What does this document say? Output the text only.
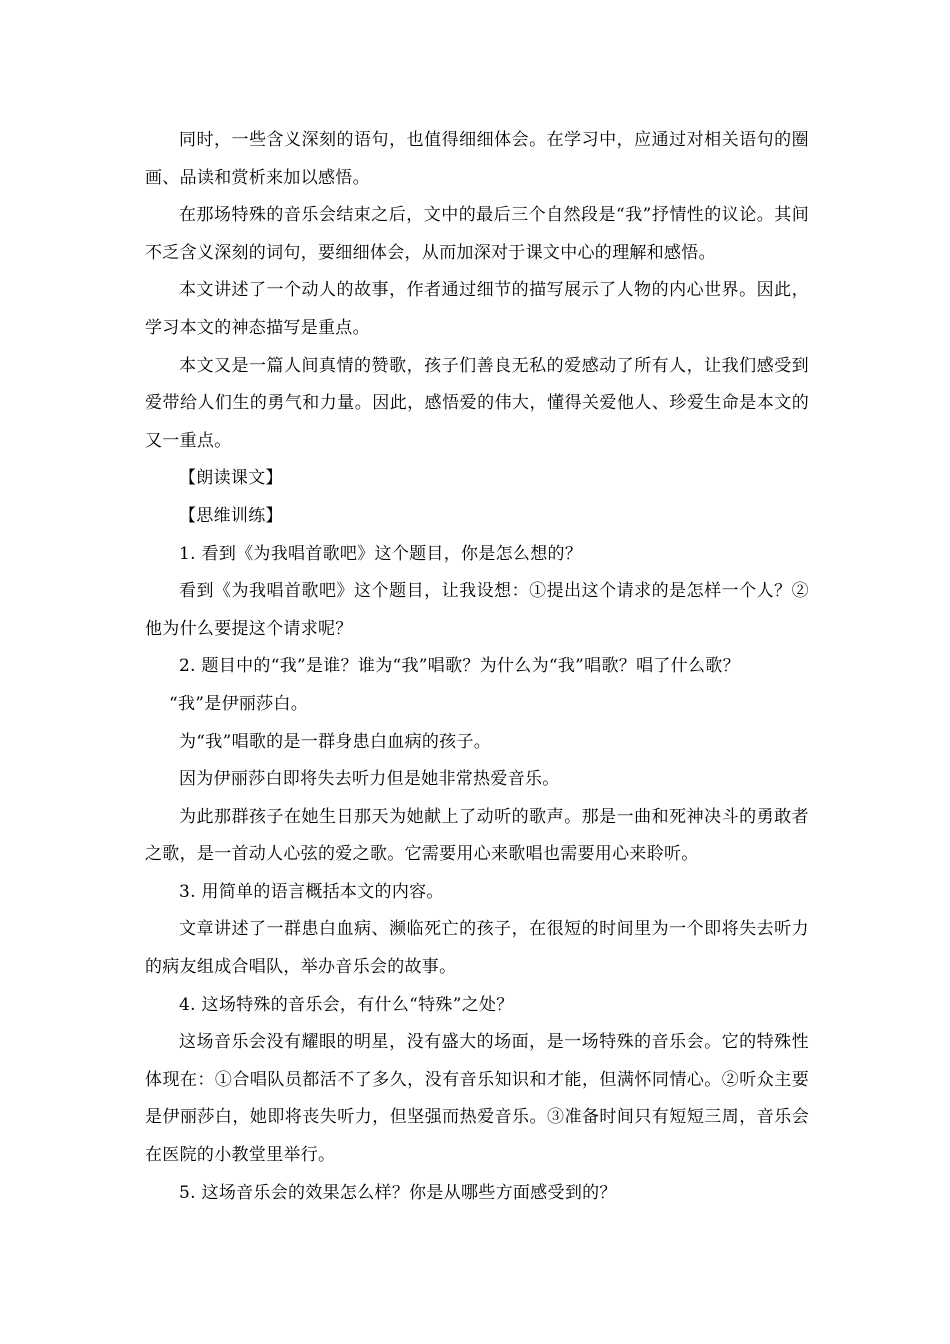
同时，一些含义深刻的语句，也值得细细体会。在学习中，应通过对相关语句的圈画、品读和赏析来加以感悟。

在那场特殊的音乐会结束之后，文中的最后三个自然段是“我”抒情性的议论。其间不乏含义深刻的词句，要细细体会，从而加深对于课文中心的理解和感悟。

本文讲述了一个动人的故事，作者通过细节的描写展示了人物的内心世界。因此，学习本文的神态描写是重点。

本文又是一篇人间真情的赞歌，孩子们善良无私的爱感动了所有人，让我们感受到爱带给人们生的勇气和力量。因此，感悟爱的伟大，懂得关爱他人、珍爱生命是本文的又一重点。

【朗读课文】

【思维训练】

1. 看到《为我唱首歌吧》这个题目，你是怎么想的？

看到《为我唱首歌吧》这个题目，让我设想：①提出这个请求的是怎样一个人？②他为什么要提这个请求呢？

2. 题目中的“我”是谁？谁为“我”唱歌？为什么为“我”唱歌？唱了什么歌？

“我”是伊丽莎白。

为“我”唱歌的是一群身患白血病的孩子。

因为伊丽莎白即将失去听力但是她非常热爱音乐。

为此那群孩子在她生日那天为她献上了动听的歌声。那是一曲和死神决斗的勇敢者之歌，是一首动人心弦的爱之歌。它需要用心来歌唱也需要用心来聆听。

3. 用简单的语言概括本文的内容。

文章讲述了一群患白血病、濒临死亡的孩子，在很短的时间里为一个即将失去听力的病友组成合唱队，举办音乐会的故事。

4. 这场特殊的音乐会，有什么“特殊”之处？

这场音乐会没有耀眼的明星，没有盛大的场面，是一场特殊的音乐会。它的特殊性体现在：①合唱队员都活不了多久，没有音乐知识和才能，但满怀同情心。②听众主要是伊丽莎白，她即将丧失听力，但坚强而热爱音乐。③准备时间只有短短三周，音乐会在医院的小教堂里举行。

5. 这场音乐会的效果怎么样？你是从哪些方面感受到的？
